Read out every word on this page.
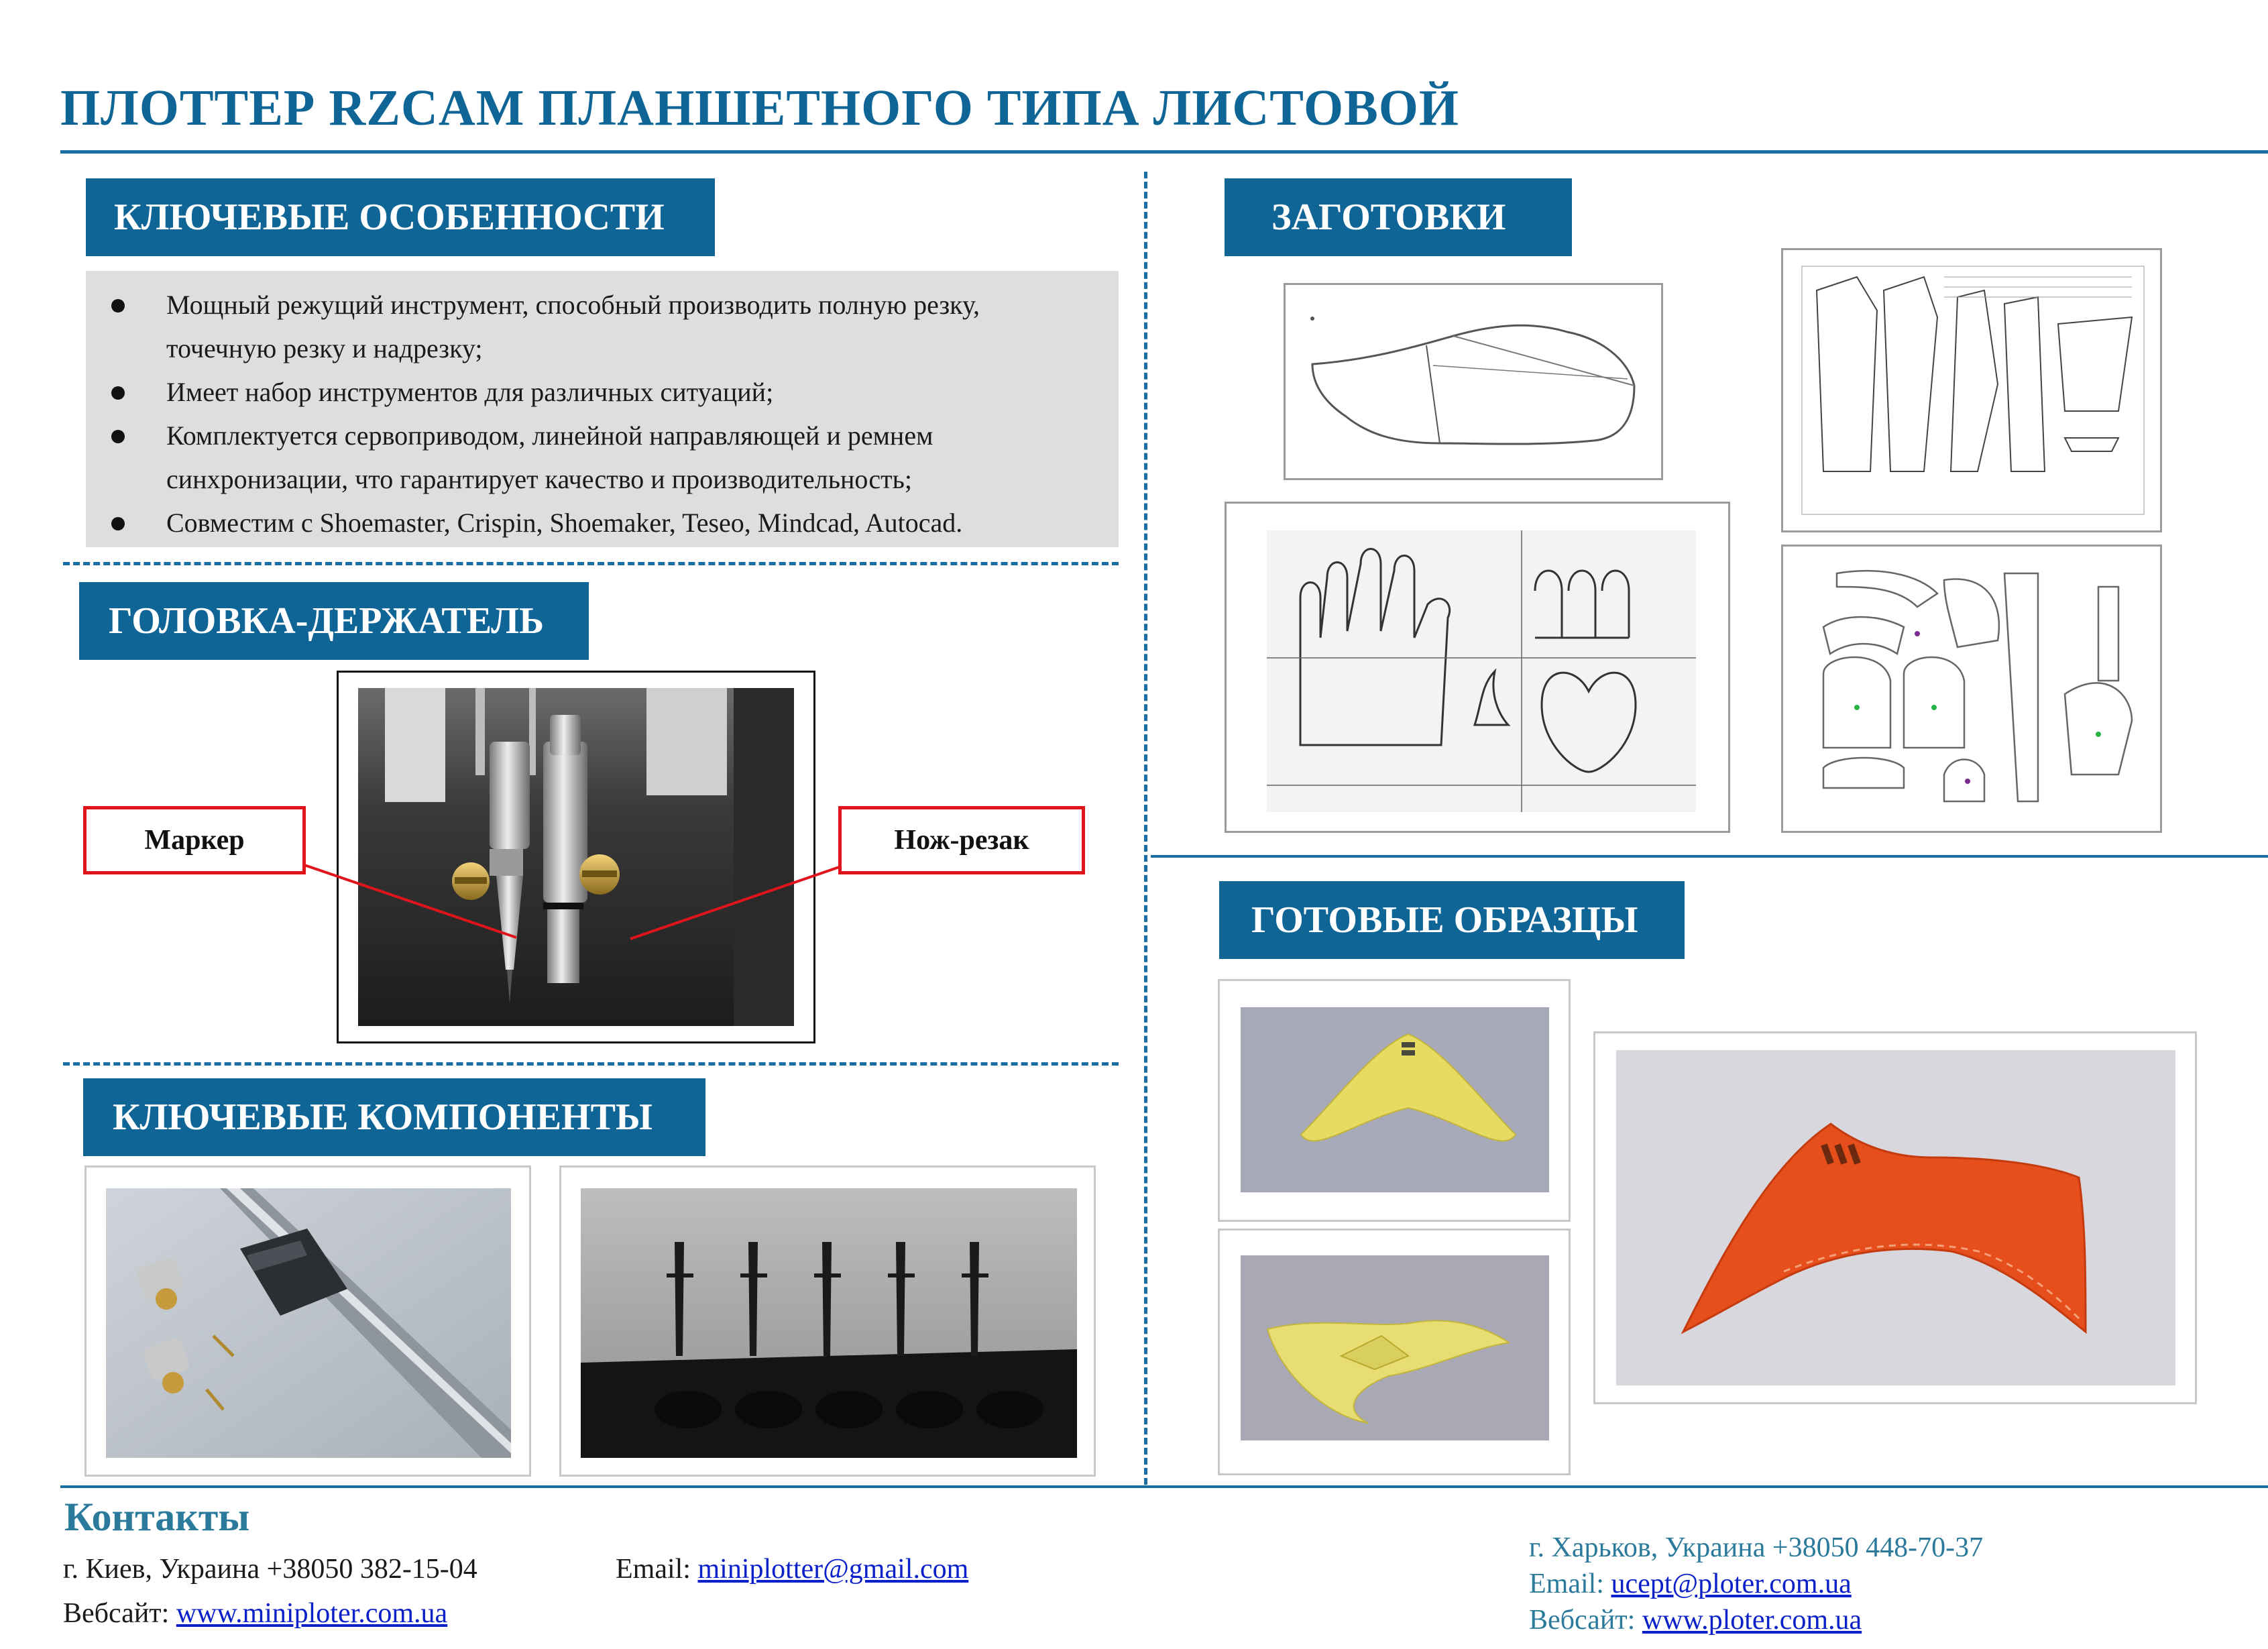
ПЛОТТЕР RZCAM ПЛАНШЕТНОГО ТИПА ЛИСТОВОЙ
КЛЮЧЕВЫЕ ОСОБЕННОСТИ
Мощный режущий инструмент, способный производить полную резку, точечную резку и надрезку;
Имеет набор инструментов для различных ситуаций;
Комплектуется сервоприводом, линейной направляющей и ремнем синхронизации, что гарантирует качество и производительность;
Совместим с Shoemaster, Crispin, Shoemaker, Teseo, Mindcad, Autocad.
ГОЛОВКА-ДЕРЖАТЕЛЬ
Маркер	Нож-резак
КЛЮЧЕВЫЕ КОМПОНЕНТЫ
ЗАГОТОВКИ
ГОТОВЫЕ ОБРАЗЦЫ
Контакты
г. Киев, Украина +38050 382-15-04	Email: miniplotter@gmail.com
Вебсайт: www.miniploter.com.ua
г. Харьков, Украина +38050 448-70-37
Email: ucept@ploter.com.ua
Вебсайт: www.ploter.com.ua
